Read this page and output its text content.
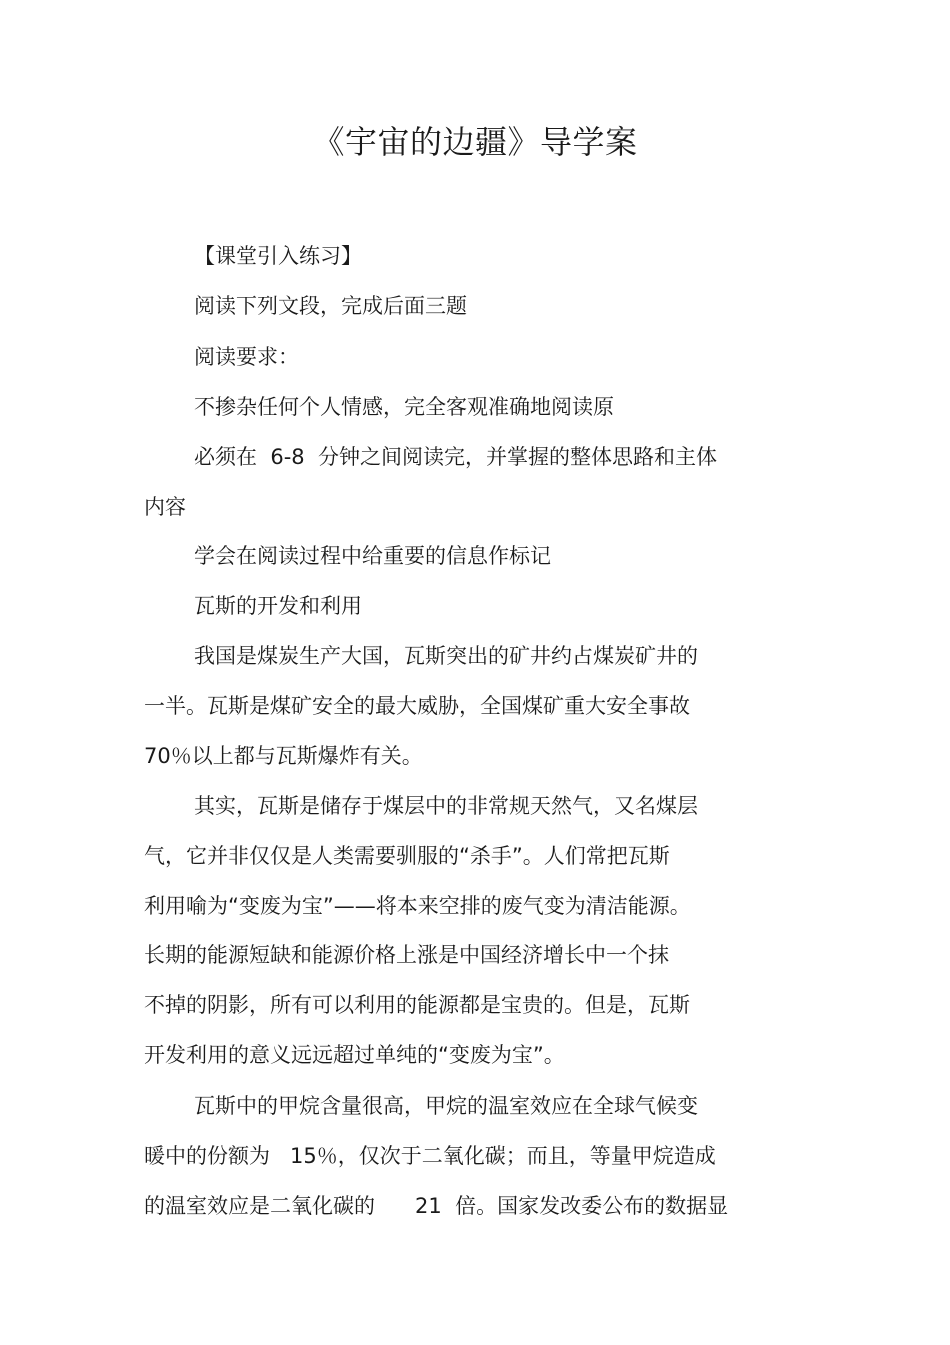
《宇宙的边疆》导学案
【课堂引入练习】
阅读下列文段，完成后面三题
阅读要求：
不掺杂任何个人情感，完全客观准确地阅读原
必须在  6-8  分钟之间阅读完，并掌握的整体思路和主体
内容
学会在阅读过程中给重要的信息作标记
瓦斯的开发和利用
我国是煤炭生产大国，瓦斯突出的矿井约占煤炭矿井的
一半。瓦斯是煤矿安全的最大威胁，全国煤矿重大安全事故
70％以上都与瓦斯爆炸有关。
其实，瓦斯是储存于煤层中的非常规天然气，又名煤层
气，它并非仅仅是人类需要驯服的“杀手”。人们常把瓦斯
利用喻为“变废为宝”——将本来空排的废气变为清洁能源。
长期的能源短缺和能源价格上涨是中国经济增长中一个抹
不掉的阴影，所有可以利用的能源都是宝贵的。但是，瓦斯
开发利用的意义远远超过单纯的“变废为宝”。
瓦斯中的甲烷含量很高，甲烷的温室效应在全球气候变
暖中的份额为   15％，仅次于二氧化碳；而且，等量甲烷造成
的温室效应是二氧化碳的      21  倍。国家发改委公布的数据显
